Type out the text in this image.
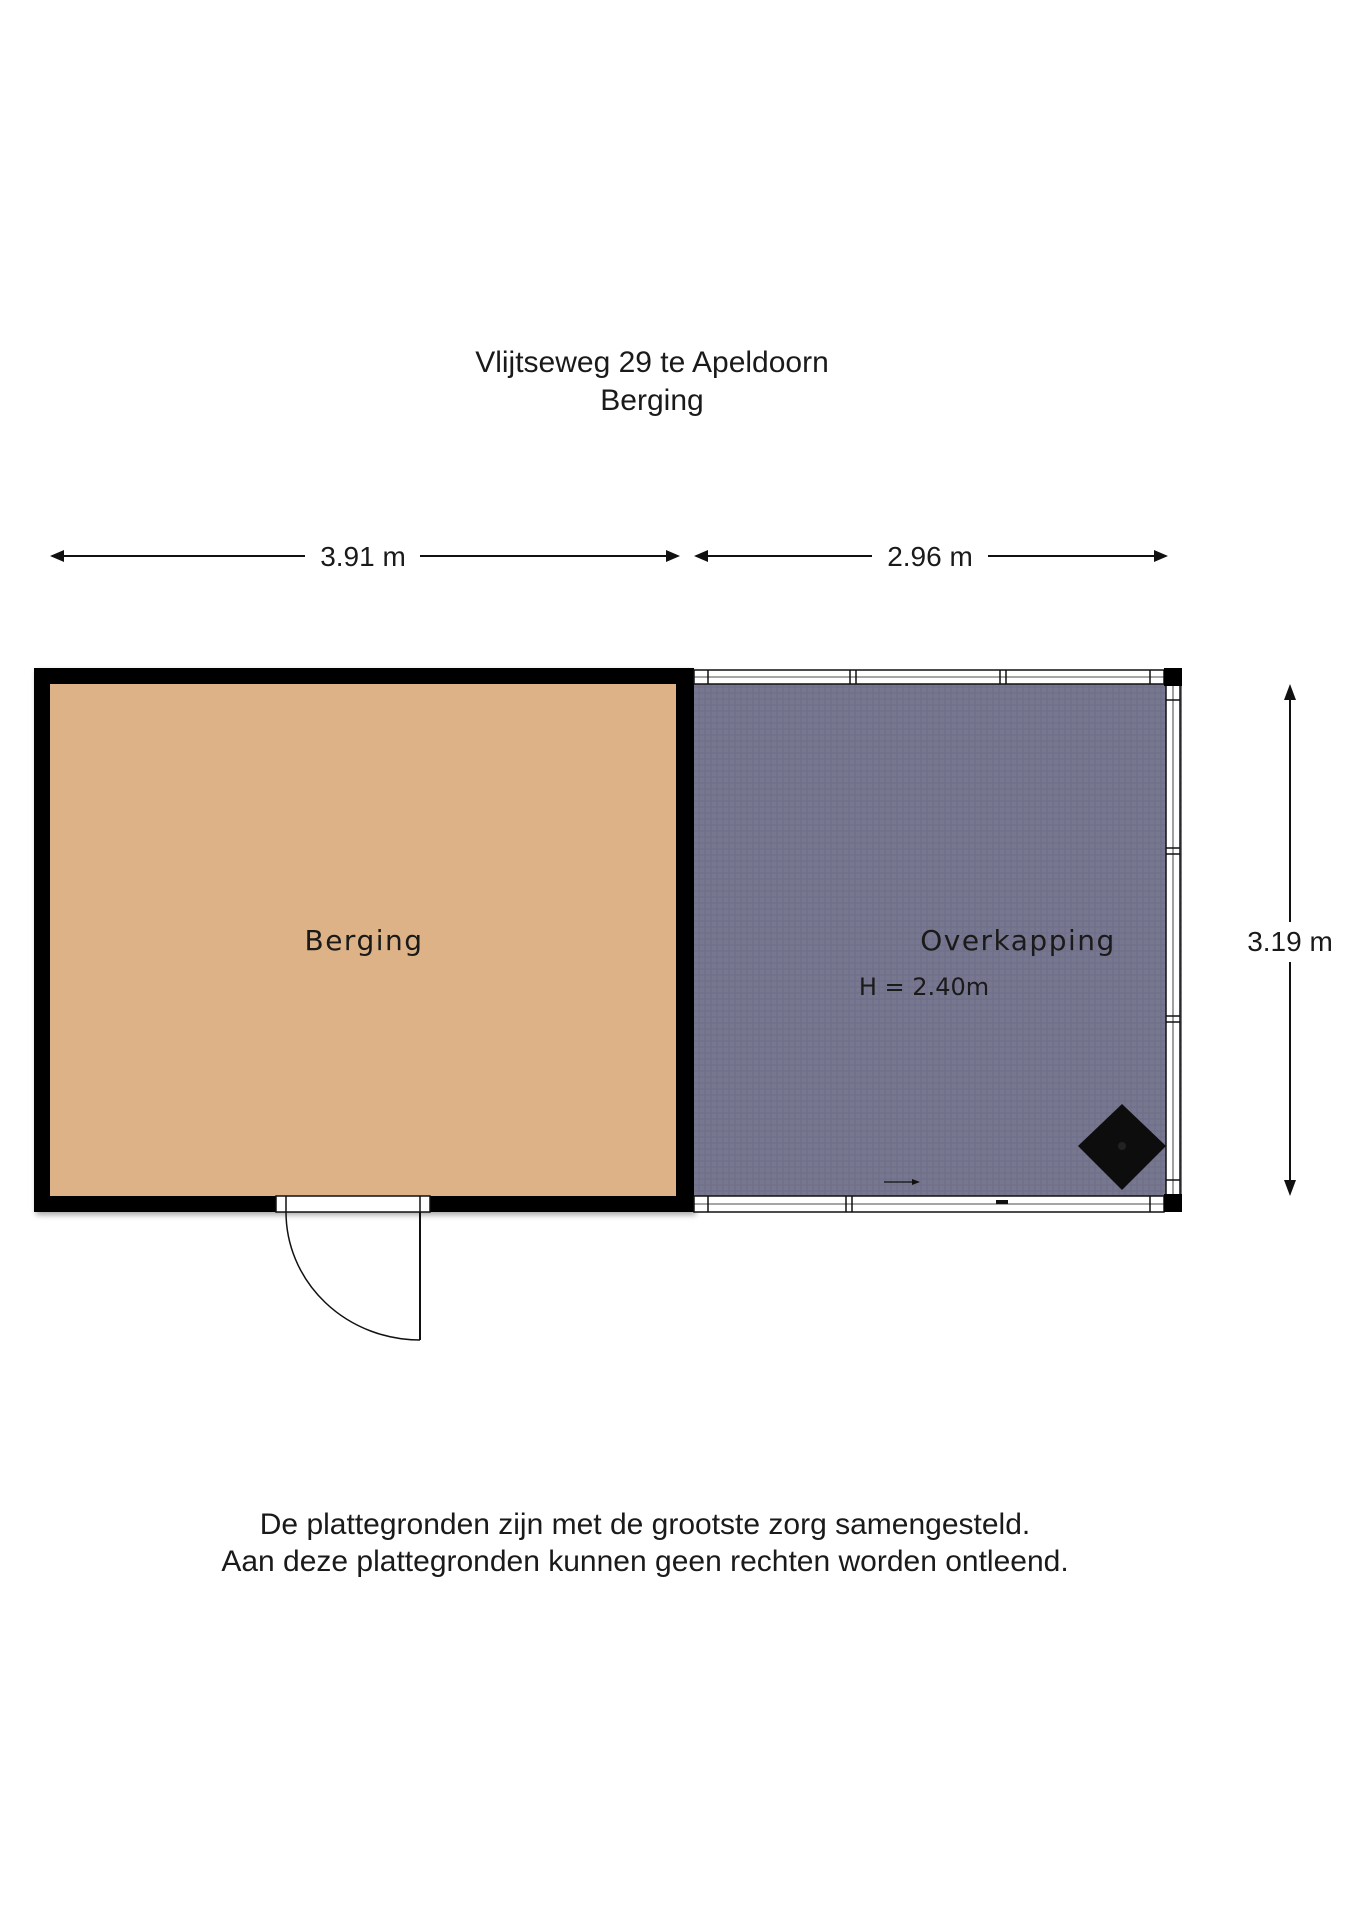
Vlijtseweg 29 te Apeldoorn
Berging
3.91 m	2.96 m
3.19 m
Berging	Overkapping
H = 2.40m
De plattegronden zijn met de grootste zorg samengesteld.
Aan deze plattegronden kunnen geen rechten worden ontleend.
